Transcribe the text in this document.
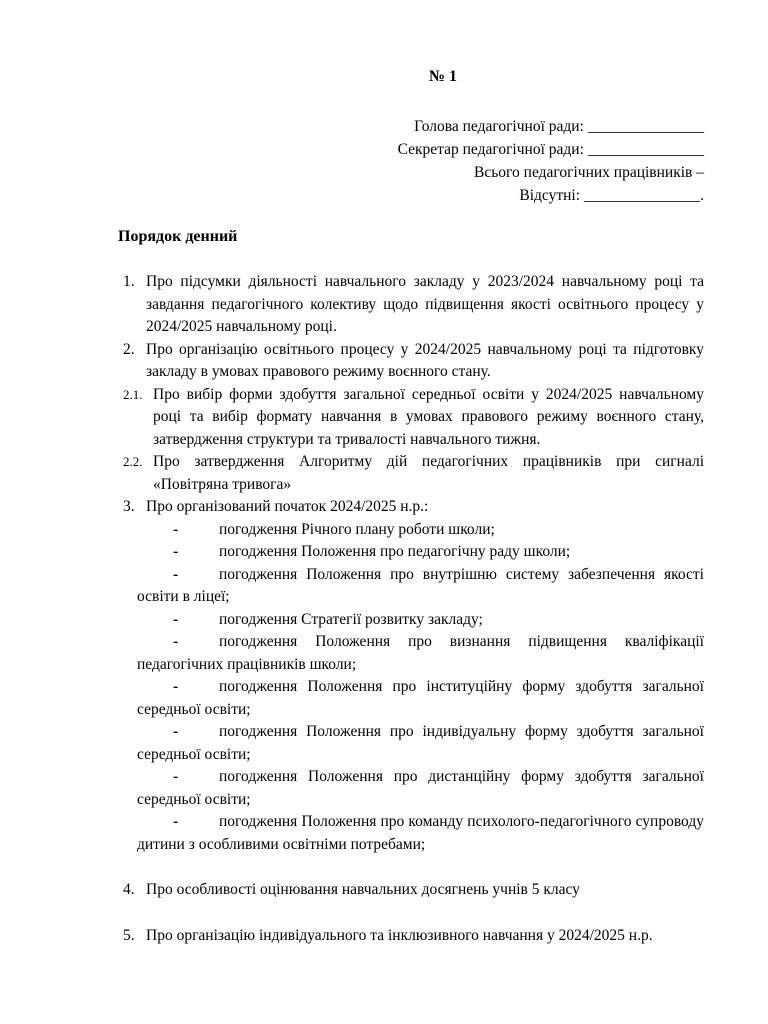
№ 1
Голова педагогічної ради: _______________
Секретар педагогічної ради: _______________
Всього педагогічних працівників –
Відсутні: _______________.
Порядок денний
1. Про підсумки діяльності навчального закладу у 2023/2024 навчальному році та завдання педагогічного колективу щодо підвищення якості освітнього процесу у 2024/2025 навчальному році.
2. Про організацію освітнього процесу у 2024/2025 навчальному році та підготовку закладу в умовах правового режиму воєнного стану.
2.1. Про вибір форми здобуття загальної середньої освіти у 2024/2025 навчальному році та вибір формату навчання в умовах правового режиму воєнного стану, затвердження структури та тривалості навчального тижня.
2.2. Про затвердження Алгоритму дій педагогічних працівників при сигналі «Повітряна тривога»
3. Про організований початок 2024/2025 н.р.:
-	погодження Річного плану роботи школи;
-	погодження Положення про педагогічну раду школи;
-	погодження Положення про внутрішню систему забезпечення якості освіти в ліцеї;
-	погодження Стратегії розвитку закладу;
-	погодження Положення про визнання підвищення кваліфікації педагогічних працівників школи;
-	погодження Положення про інституційну форму здобуття загальної середньої освіти;
-	погодження Положення про індивідуальну форму здобуття загальної середньої освіти;
-	погодження Положення про дистанційну форму здобуття загальної середньої освіти;
-	погодження Положення про команду психолого-педагогічного супроводу дитини з особливими освітніми потребами;
4. Про особливості оцінювання навчальних досягнень учнів 5 класу
5. Про організацію індивідуального та інклюзивного навчання у 2024/2025 н.р.
